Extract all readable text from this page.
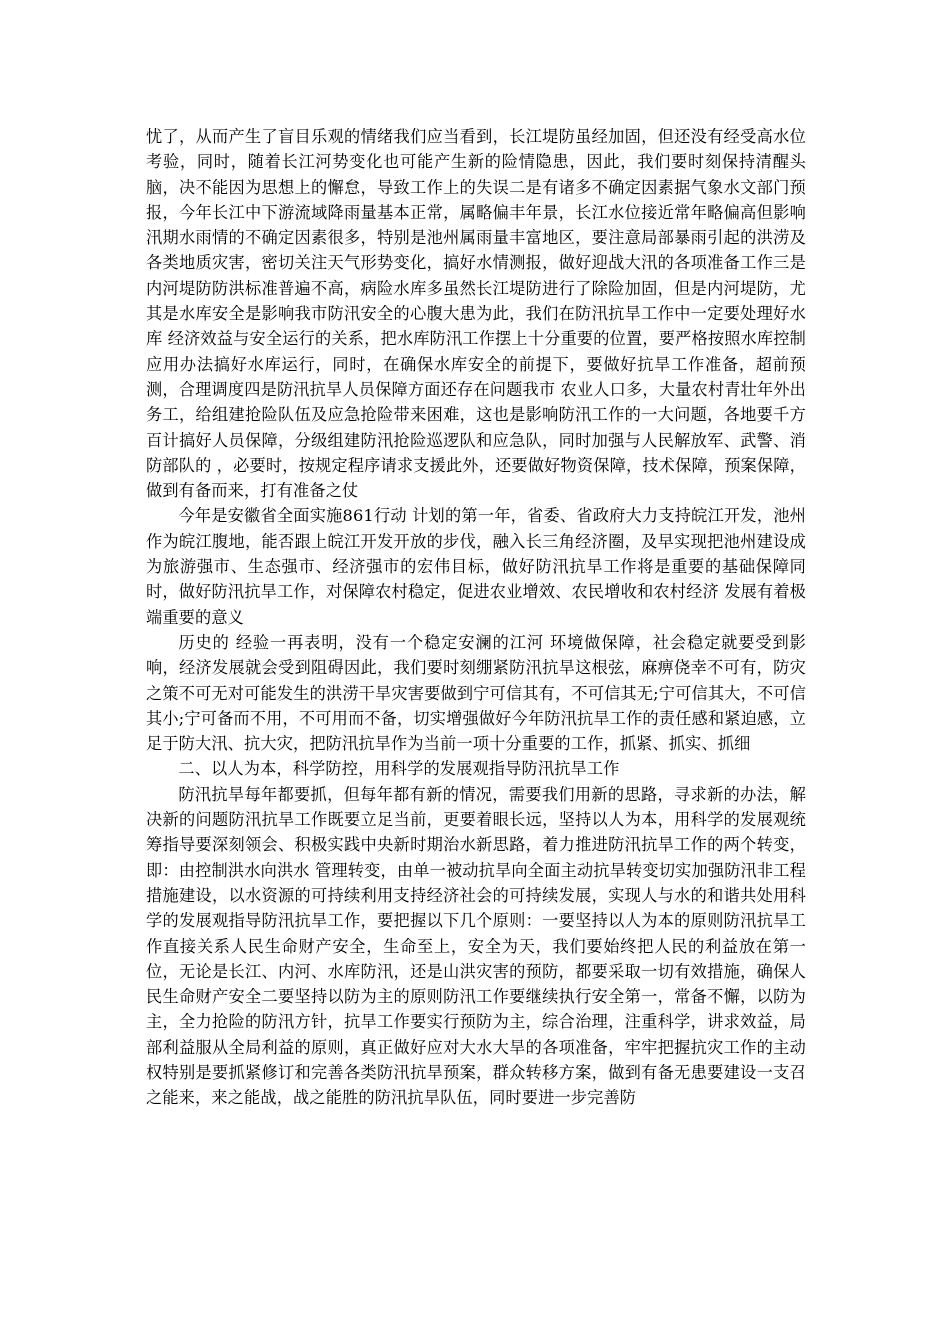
忧了，从而产生了盲目乐观的情绪我们应当看到，长江堤防虽经加固，但还没有经受高水位考验，同时，随着长江河势变化也可能产生新的险情隐患，因此，我们要时刻保持清醒头脑，决不能因为思想上的懈怠，导致工作上的失误二是有诸多不确定因素据气象水文部门预报，今年长江中下游流域降雨量基本正常，属略偏丰年景，长江水位接近常年略偏高但影响汛期水雨情的不确定因素很多，特别是池州属雨量丰富地区，要注意局部暴雨引起的洪涝及各类地质灾害，密切关注天气形势变化，搞好水情测报，做好迎战大汛的各项准备工作三是内河堤防防洪标准普遍不高，病险水库多虽然长江堤防进行了除险加固，但是内河堤防，尤其是水库安全是影响我市防汛安全的心腹大患为此，我们在防汛抗旱工作中一定要处理好水库 经济效益与安全运行的关系，把水库防汛工作摆上十分重要的位置，要严格按照水库控制 应用办法搞好水库运行，同时，在确保水库安全的前提下，要做好抗旱工作准备，超前预测，合理调度四是防汛抗旱人员保障方面还存在问题我市 农业人口多，大量农村青壮年外出务工，给组建抢险队伍及应急抢险带来困难，这也是影响防汛工作的一大问题，各地要千方百计搞好人员保障，分级组建防汛抢险巡逻队和应急队，同时加强与人民解放军、武警、消防部队的 ，必要时，按规定程序请求支援此外，还要做好物资保障，技术保障，预案保障，做到有备而来，打有准备之仗

今年是安徽省全面实施861行动 计划的第一年，省委、省政府大力支持皖江开发，池州作为皖江腹地，能否跟上皖江开发开放的步伐，融入长三角经济圈，及早实现把池州建设成为旅游强市、生态强市、经济强市的宏伟目标，做好防汛抗旱工作将是重要的基础保障同时，做好防汛抗旱工作，对保障农村稳定，促进农业增效、农民增收和农村经济 发展有着极端重要的意义

历史的 经验一再表明，没有一个稳定安澜的江河 环境做保障，社会稳定就要受到影响，经济发展就会受到阻碍因此，我们要时刻绷紧防汛抗旱这根弦，麻痹侥幸不可有，防灾之策不可无对可能发生的洪涝干旱灾害要做到宁可信其有，不可信其无;宁可信其大，不可信其小;宁可备而不用，不可用而不备，切实增强做好今年防汛抗旱工作的责任感和紧迫感，立足于防大汛、抗大灾，把防汛抗旱作为当前一项十分重要的工作，抓紧、抓实、抓细

二、以人为本，科学防控，用科学的发展观指导防汛抗旱工作

防汛抗旱每年都要抓，但每年都有新的情况，需要我们用新的思路，寻求新的办法，解决新的问题防汛抗旱工作既要立足当前，更要着眼长远，坚持以人为本，用科学的发展观统筹指导要深刻领会、积极实践中央新时期治水新思路，着力推进防汛抗旱工作的两个转变，即：由控制洪水向洪水 管理转变，由单一被动抗旱向全面主动抗旱转变切实加强防汛非工程措施建设，以水资源的可持续利用支持经济社会的可持续发展，实现人与水的和谐共处用科学的发展观指导防汛抗旱工作，要把握以下几个原则：一要坚持以人为本的原则防汛抗旱工作直接关系人民生命财产安全，生命至上，安全为天，我们要始终把人民的利益放在第一位，无论是长江、内河、水库防汛，还是山洪灾害的预防，都要采取一切有效措施，确保人民生命财产安全二要坚持以防为主的原则防汛工作要继续执行安全第一，常备不懈，以防为主，全力抢险的防汛方针，抗旱工作要实行预防为主，综合治理，注重科学，讲求效益，局部利益服从全局利益的原则，真正做好应对大水大旱的各项准备，牢牢把握抗灾工作的主动权特别是要抓紧修订和完善各类防汛抗旱预案，群众转移方案，做到有备无患要建设一支召之能来，来之能战，战之能胜的防汛抗旱队伍，同时要进一步完善防
